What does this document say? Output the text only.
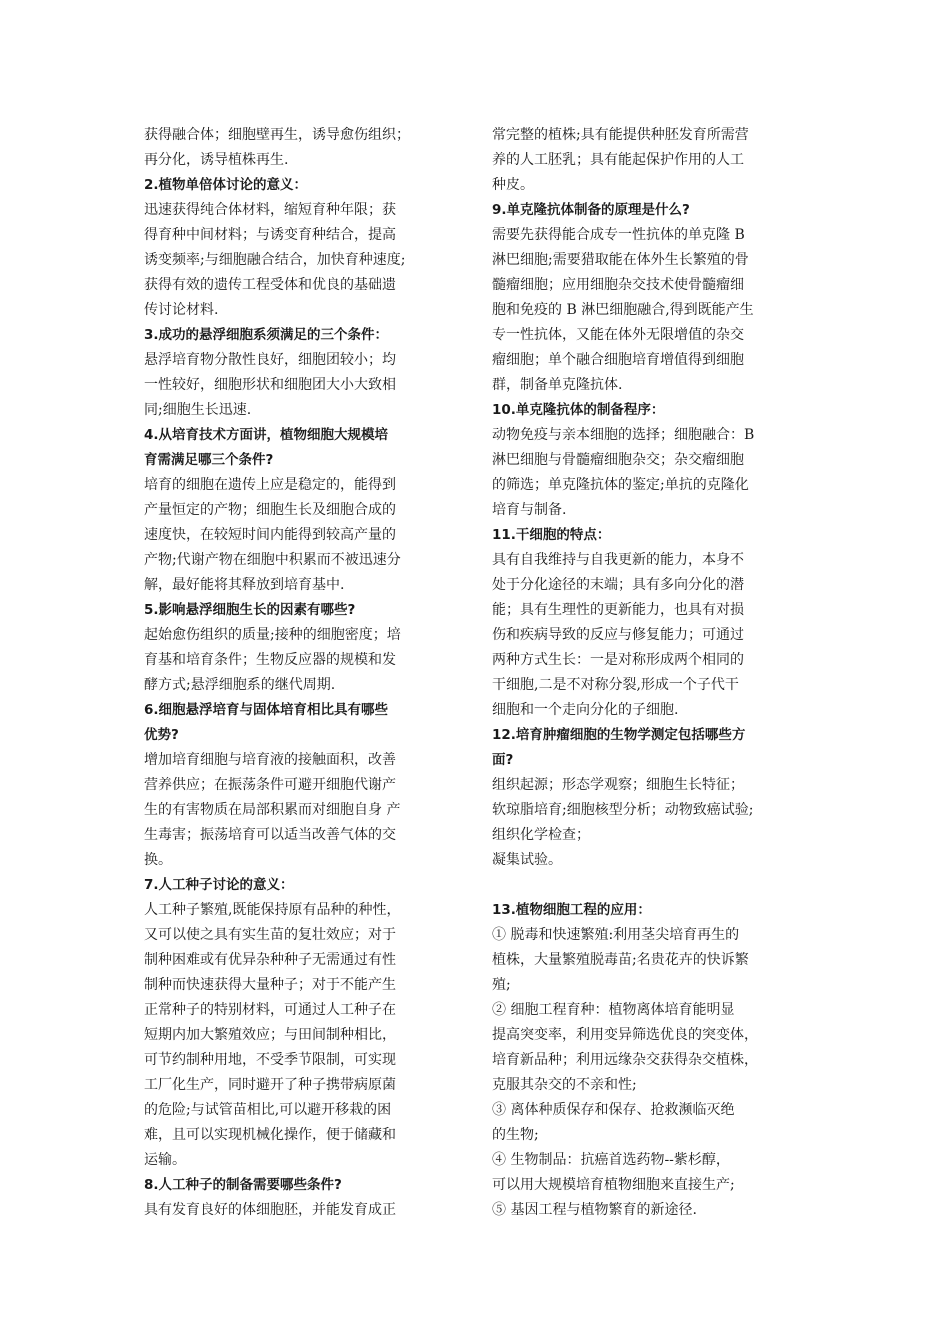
获得融合体；细胞壁再生，诱导愈伤组织；
再分化，诱导植株再生.
2.植物单倍体讨论的意义：
迅速获得纯合体材料，缩短育种年限；获
得育种中间材料；与诱变育种结合，提高
诱变频率;与细胞融合结合，加快育种速度;
获得有效的遗传工程受体和优良的基础遗
传讨论材料.
3.成功的悬浮细胞系须满足的三个条件：
悬浮培育物分散性良好，细胞团较小；均
一性较好，细胞形状和细胞团大小大致相
同;细胞生长迅速.
4.从培育技术方面讲，植物细胞大规模培
育需满足哪三个条件?
培育的细胞在遗传上应是稳定的，能得到
产量恒定的产物；细胞生长及细胞合成的
速度快，在较短时间内能得到较高产量的
产物;代谢产物在细胞中积累而不被迅速分
解，最好能将其释放到培育基中.
5.影响悬浮细胞生长的因素有哪些?
起始愈伤组织的质量;接种的细胞密度；培
育基和培育条件；生物反应器的规模和发
酵方式;悬浮细胞系的继代周期.
6.细胞悬浮培育与固体培育相比具有哪些
优势?
增加培育细胞与培育液的接触面积，改善
营养供应；在振荡条件可避开细胞代谢产
生的有害物质在局部积累而对细胞自身 产
生毒害；振荡培育可以适当改善气体的交
换。
7.人工种子讨论的意义：
人工种子繁殖,既能保持原有品种的种性，
又可以使之具有实生苗的复壮效应；对于
制种困难或有优异杂种种子无需通过有性
制种而快速获得大量种子；对于不能产生
正常种子的特别材料，可通过人工种子在
短期内加大繁殖效应；与田间制种相比，
可节约制种用地，不受季节限制，可实现
工厂化生产，同时避开了种子携带病原菌
的危险;与试管苗相比,可以避开移栽的困
难，且可以实现机械化操作，便于储藏和
运输。
8.人工种子的制备需要哪些条件?
具有发育良好的体细胞胚，并能发育成正
常完整的植株;具有能提供种胚发育所需营
养的人工胚乳；具有能起保护作用的人工
种皮。
9.单克隆抗体制备的原理是什么?
需要先获得能合成专一性抗体的单克隆 B
淋巴细胞;需要猎取能在体外生长繁殖的骨
髓瘤细胞；应用细胞杂交技术使骨髓瘤细
胞和免疫的 B 淋巴细胞融合,得到既能产生
专一性抗体，又能在体外无限增值的杂交
瘤细胞；单个融合细胞培育增值得到细胞
群，制备单克隆抗体.
10.单克隆抗体的制备程序：
动物免疫与亲本细胞的选择；细胞融合：B
淋巴细胞与骨髓瘤细胞杂交；杂交瘤细胞
的筛选；单克隆抗体的鉴定;单抗的克隆化
培育与制备.
11.干细胞的特点：
具有自我维持与自我更新的能力，本身不
处于分化途径的末端；具有多向分化的潜
能；具有生理性的更新能力，也具有对损
伤和疾病导致的反应与修复能力；可通过
两种方式生长：一是对称形成两个相同的
干细胞,二是不对称分裂,形成一个子代干
细胞和一个走向分化的子细胞.
12.培育肿瘤细胞的生物学测定包括哪些方
面?
组织起源；形态学观察；细胞生长特征；
软琼脂培育;细胞核型分析；动物致癌试验;
组织化学检查；
凝集试验。
13.植物细胞工程的应用：
① 脱毒和快速繁殖:利用茎尖培育再生的
植株，大量繁殖脱毒苗;名贵花卉的快诉繁
殖;
② 细胞工程育种：植物离体培育能明显
提高突变率，利用变异筛选优良的突变体，
培育新品种；利用远缘杂交获得杂交植株，
克服其杂交的不亲和性;
③ 离体种质保存和保存、抢救濒临灭绝
的生物;
④ 生物制品：抗癌首选药物--紫杉醇，
可以用大规模培育植物细胞来直接生产;
⑤ 基因工程与植物繁育的新途径.
